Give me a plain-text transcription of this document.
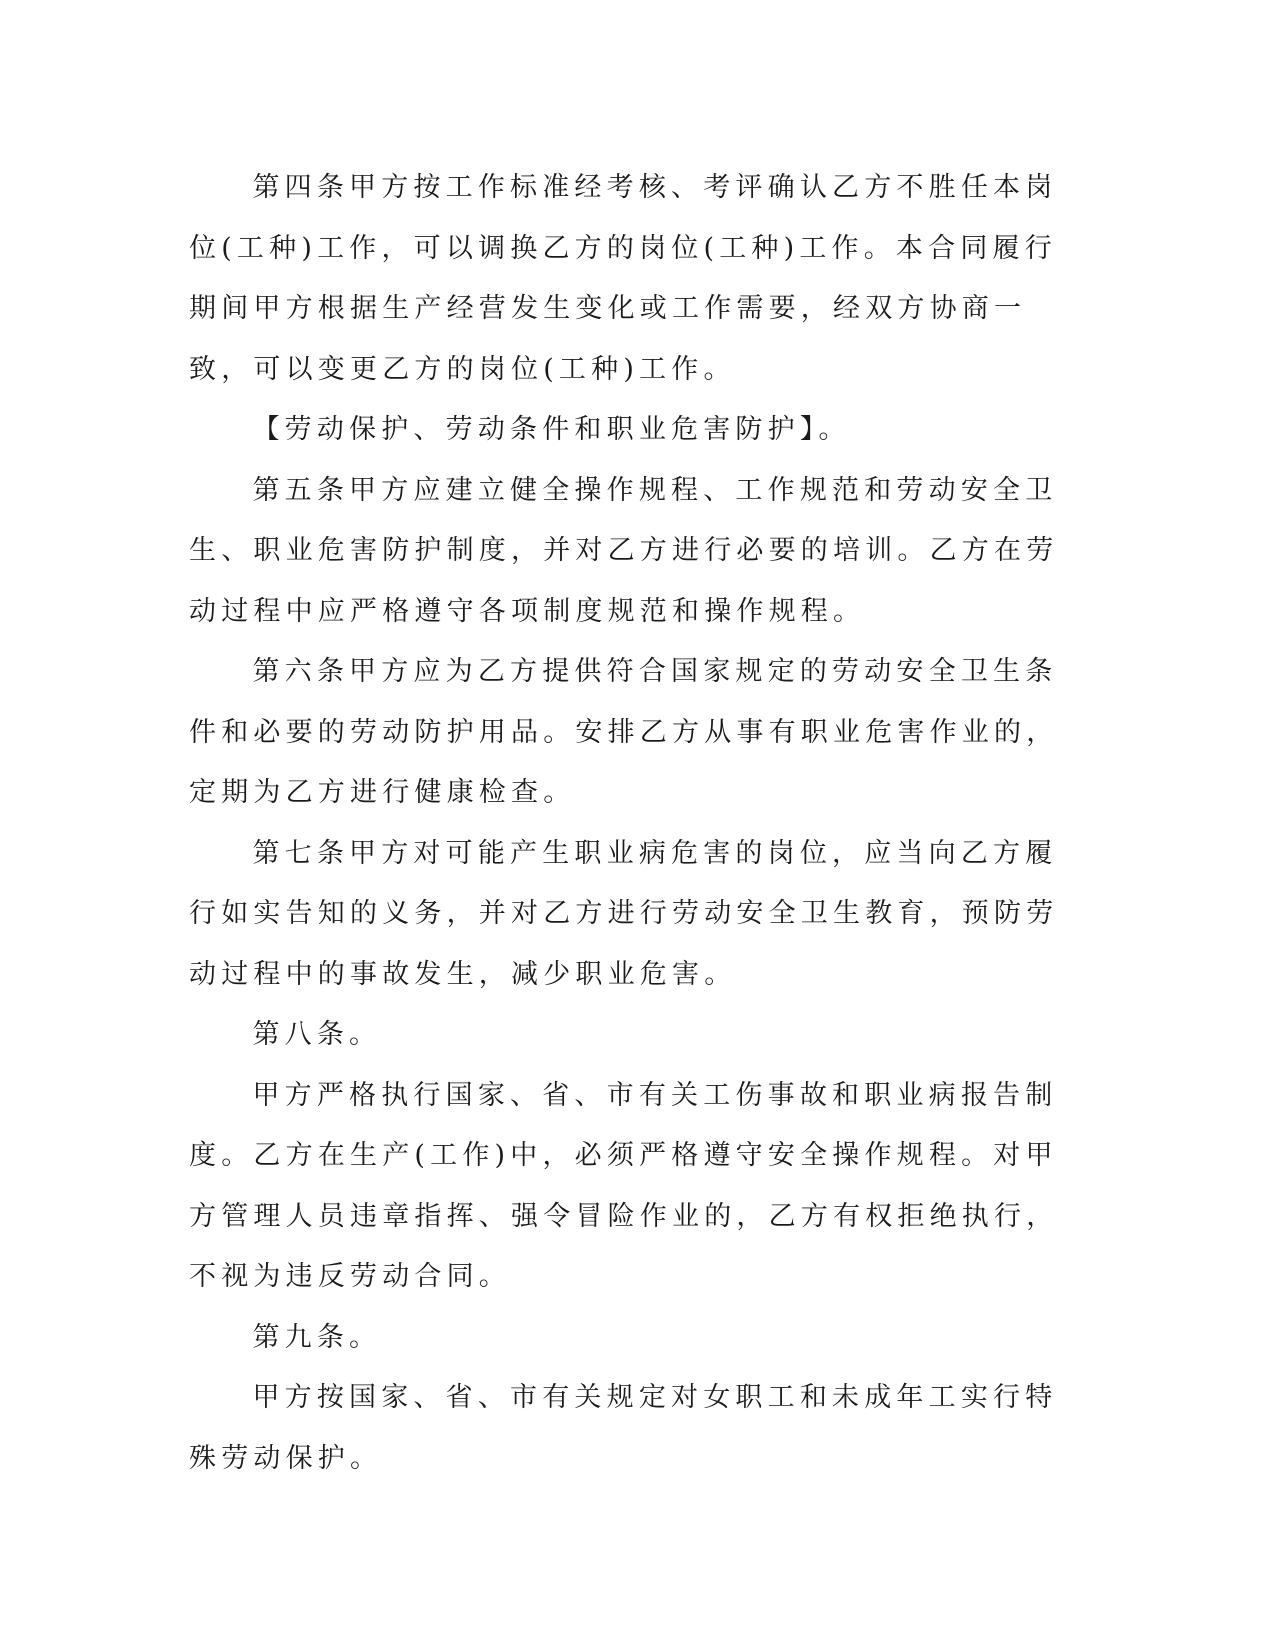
第四条甲方按工作标准经考核、考评确认乙方不胜任本岗位(工种)工作，可以调换乙方的岗位(工种)工作。本合同履行期间甲方根据生产经营发生变化或工作需要，经双方协商一致，可以变更乙方的岗位(工种)工作。

【劳动保护、劳动条件和职业危害防护】。

第五条甲方应建立健全操作规程、工作规范和劳动安全卫生、职业危害防护制度，并对乙方进行必要的培训。乙方在劳动过程中应严格遵守各项制度规范和操作规程。

第六条甲方应为乙方提供符合国家规定的劳动安全卫生条件和必要的劳动防护用品。安排乙方从事有职业危害作业的，定期为乙方进行健康检查。

第七条甲方对可能产生职业病危害的岗位，应当向乙方履行如实告知的义务，并对乙方进行劳动安全卫生教育，预防劳动过程中的事故发生，减少职业危害。

第八条。

甲方严格执行国家、省、市有关工伤事故和职业病报告制度。乙方在生产(工作)中，必须严格遵守安全操作规程。对甲方管理人员违章指挥、强令冒险作业的，乙方有权拒绝执行，不视为违反劳动合同。

第九条。

甲方按国家、省、市有关规定对女职工和未成年工实行特殊劳动保护。
